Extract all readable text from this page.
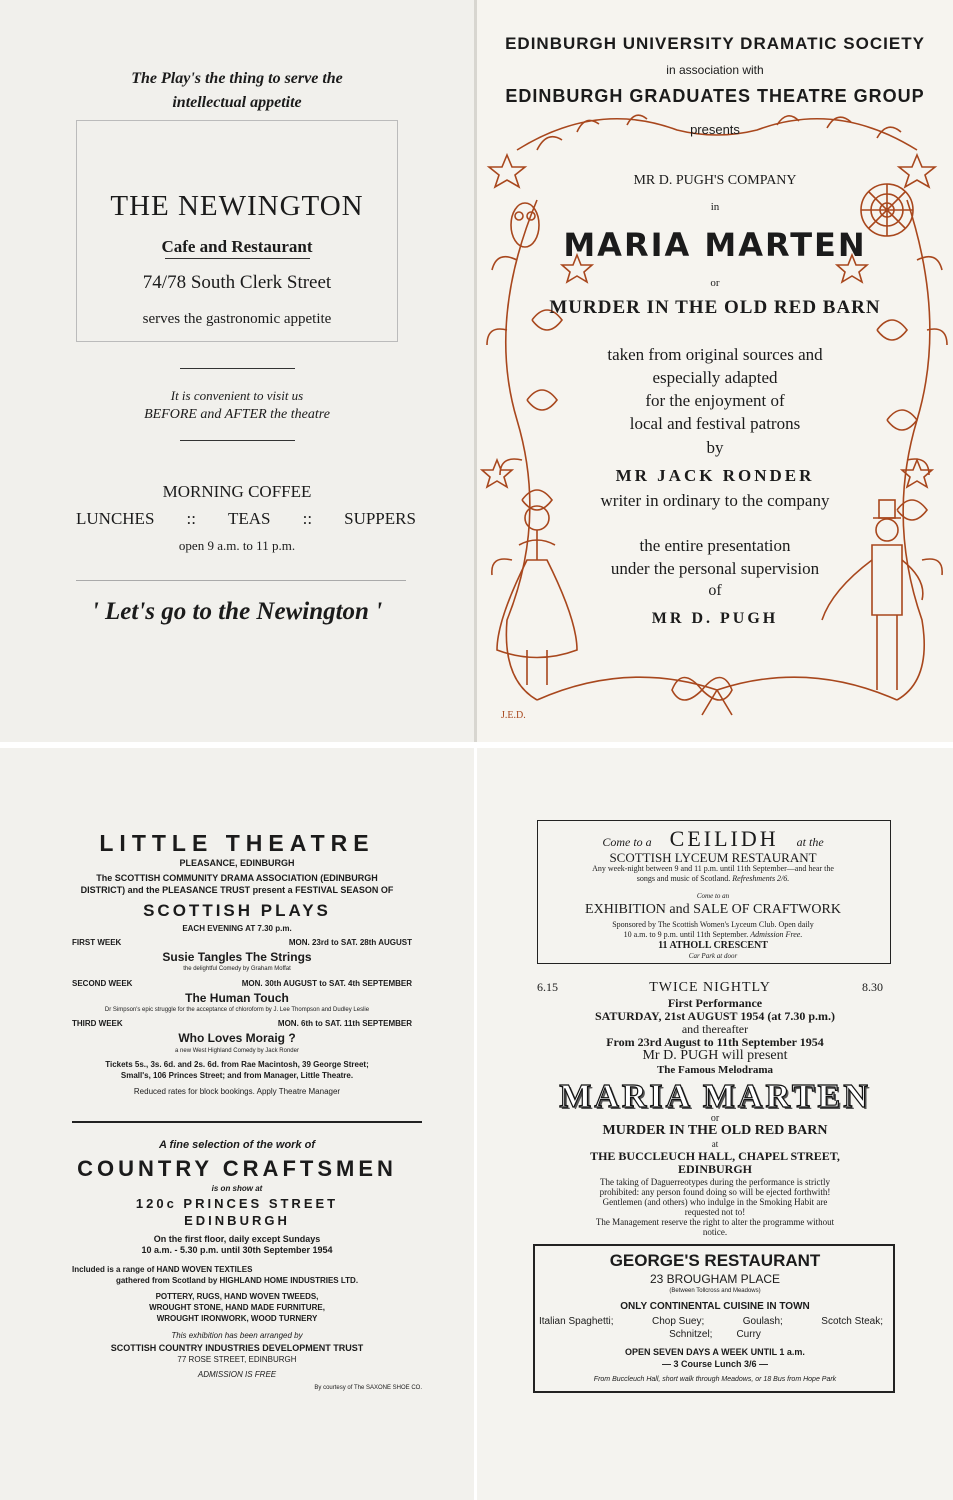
The Play's the thing to serve the
intellectual appetite
THE NEWINGTON
Cafe and Restaurant
74/78 South Clerk Street
serves the gastronomic appetite
It is convenient to visit us
BEFORE and AFTER the theatre
MORNING COFFEE
LUNCHES :: TEAS :: SUPPERS
open 9 a.m. to 11 p.m.
' Let's go to the Newington '
EDINBURGH UNIVERSITY DRAMATIC SOCIETY
in association with
EDINBURGH GRADUATES THEATRE GROUP
presents
MR D. PUGH'S COMPANY
in
MARIA MARTEN
or
MURDER IN THE OLD RED BARN
taken from original sources and
especially adapted
for the enjoyment of
local and festival patrons
by
MR JACK RONDER
writer in ordinary to the company
the entire presentation
under the personal supervision
of
MR D. PUGH
J.E.D.
LITTLE THEATRE
PLEASANCE, EDINBURGH
The SCOTTISH COMMUNITY DRAMA ASSOCIATION (EDINBURGH
DISTRICT) and the PLEASANCE TRUST present a FESTIVAL SEASON OF
SCOTTISH PLAYS
EACH EVENING AT 7.30 p.m.
FIRST WEEK	MON. 23rd to SAT. 28th AUGUST
Susie Tangles The Strings
the delightful Comedy by Graham Moffat
SECOND WEEK	MON. 30th AUGUST to SAT. 4th SEPTEMBER
The Human Touch
Dr Simpson's epic struggle for the acceptance of chloroform by J. Lee Thompson and Dudley Leslie
THIRD WEEK	MON. 6th to SAT. 11th SEPTEMBER
Who Loves Moraig ?
a new West Highland Comedy by Jack Ronder
Tickets 5s., 3s. 6d. and 2s. 6d. from Rae Macintosh, 39 George Street;
Small's, 106 Princes Street; and from Manager, Little Theatre.
Reduced rates for block bookings. Apply Theatre Manager
A fine selection of the work of
COUNTRY CRAFTSMEN
is on show at
120c PRINCES STREET
EDINBURGH
On the first floor, daily except Sundays
10 a.m. - 5.30 p.m. until 30th September 1954
Included is a range of HAND WOVEN TEXTILES
gathered from Scotland by HIGHLAND HOME INDUSTRIES LTD.
POTTERY, RUGS, HAND WOVEN TWEEDS,
WROUGHT STONE, HAND MADE FURNITURE,
WROUGHT IRONWORK, WOOD TURNERY
This exhibition has been arranged by
SCOTTISH COUNTRY INDUSTRIES DEVELOPMENT TRUST
77 ROSE STREET, EDINBURGH
ADMISSION IS FREE
By courtesy of The SAXONE SHOE CO.
Come to a CEILIDH at the
SCOTTISH LYCEUM RESTAURANT
Any week-night between 9 and 11 p.m. until 11th September—and hear the
songs and music of Scotland. Refreshments 2/6.
Come to an
EXHIBITION and SALE OF CRAFTWORK
Sponsored by The Scottish Women's Lyceum Club. Open daily
10 a.m. to 9 p.m. until 11th September. Admission Free.
11 ATHOLL CRESCENT
Car Park at door
6.15	TWICE NIGHTLY	8.30
First Performance
SATURDAY, 21st AUGUST 1954 (at 7.30 p.m.)
and thereafter
From 23rd August to 11th September 1954
Mr D. PUGH will present
The Famous Melodrama
MARIA MARTEN
or
MURDER IN THE OLD RED BARN
at
THE BUCCLEUCH HALL, CHAPEL STREET,
EDINBURGH
The taking of Daguerreotypes during the performance is strictly
prohibited: any person found doing so will be ejected forthwith!
Gentlemen (and others) who indulge in the Smoking Habit are
requested not to!
The Management reserve the right to alter the programme without
notice.
GEORGE'S RESTAURANT
23 BROUGHAM PLACE
(Between Tollcross and Meadows)
ONLY CONTINENTAL CUISINE IN TOWN
Italian Spaghetti;	Chop Suey;	Goulash;	Scotch Steak;
Schnitzel; Curry
OPEN SEVEN DAYS A WEEK UNTIL 1 a.m.
— 3 Course Lunch 3/6 —
From Buccleuch Hall, short walk through Meadows, or 18 Bus from Hope Park
